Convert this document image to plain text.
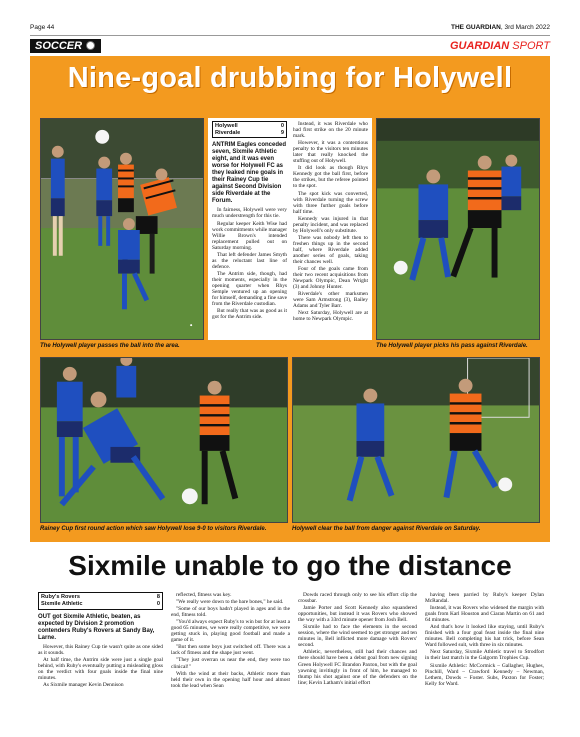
Page 44	THE GUARDIAN, 3rd March 2022
SOCCER	GUARDIAN SPORT
Nine-goal drubbing for Holywell
Holywell	0
Riverdale	9
ANTRIM Eagles conceded seven, Sixmile Athletic eight, and it was even worse for Holywell FC as they leaked nine goals in their Rainey Cup tie against Second Division side Riverdale at the Forum.

In fairness, Holywell were very much understrength for this tie.

Regular keeper Keith Wise had work commitments while manager Willie Brown's intended replacement pulled out on Saturday morning.

That left defender James Smyth as the reluctant last line of defence.

The Antrim side, though, had their moments, especially in the opening quarter when Rhys Semple ventured up an opening for himself, demanding a fine save from the Riverdale custodian.

But really that was as good as it got for the Antrim side.

Instead, it was Riverdale who had first strike on the 20 minute mark.

However, it was a contentious penalty to the visitors ten minutes later that really knocked the stuffing out of Holywell.

It did look as though Rhys Kennedy got the ball first, before the strikes, but the referee pointed to the spot.

The spot kick was converted, with Riverdale turning the screw with three further goals before half time.

Kennedy was injured in that penalty incident, and was replaced by Holywell's only substitute.

There was nobody left then to freshen things up in the second half, where Riverdale added another series of goals, taking their chances well.

Four of the goals came from their two recent acquisitions from Newpark Olympic, Dean Wright (3) and Johnny Hunter.

Riverdale's other marksmen were Sam Armstrong (3), Bailey Adams and Tyler Barr.

Next Saturday, Holywell are at home to Newpark Olympic.

The Holywell player passes the ball into the area.	The Holywell player picks his pass against Riverdale.
Rainey Cup first round action which saw Holywell lose 9-0 to visitors Riverdale.	Holywell clear the ball from danger against Riverdale on Saturday.
Sixmile unable to go the distance
Ruby's Rovers	8
Sixmile Athletic	0
OUT got Sixmile Athletic, beaten, as expected by Division 2 promotion contenders Ruby's Rovers at Sandy Bay, Larne.

However, this Rainey Cup tie wasn't quite as one sided as it sounds.

At half time, the Antrim side were just a single goal behind, with Ruby's eventually putting a misleading gloss on the verdict with four goals inside the final nine minutes.

As Sixmile manager Kevin Dennison

reflected, fitness was key.

"We really were down to the bare bones," he said.

"Some of our boys hadn't played in ages and in the end, fitness told.

"You'd always expect Ruby's to win but for at least a good 65 minutes, we were really competitive, we were getting stuck in, playing good football and made a game of it.

"But then some boys just switched off. There was a lack of fitness and the shape just went.

"They just overran us near the end, they were too clinical!"

With the wind at their backs, Athletic more than held their own in the opening half hour and almost took the lead when Sean

Dowds raced through only to see his effort clip the crossbar.

Jamie Porter and Scott Kennedy also squandered opportunities, but instead it was Rovers who showed the way with a 33rd minute opener from Josh Bell.

Sixmile had to face the elements in the second session, where the wind seemed to get stronger and ten minutes in, Bell inflicted more damage with Rovers' second.

Athletic, nevertheless, still had their chances and there should have been a debut goal from new signing Green Holywell FC Brandon Paxton, but with the goal yawning invitingly in front of him, he managed to thump his shot against one of the defenders on the line; Kevin Latham's initial effort

having been parried by Ruby's keeper Dylan McRandal.

Instead, it was Rovers who widened the margin with goals from Karl Houston and Ciaran Martin on 61 and 64 minutes.

And that's how it looked like staying, until Ruby's finished with a four goal feast inside the final nine minutes. Bell completing his hat trick, before Sean Ward followed suit, with three in six minutes.

Next Saturday, Sixmile Athletic travel to Strodfort in their last match in the Galgorm Trophies Cup.

Sixmile Athletic: McCormick – Gallagher, Hughes, Pinchill, Ward – Crawford Kennedy – Newman, Lethem, Dowds – Foster. Subs, Paxton for Foster; Kelly for Ward.
